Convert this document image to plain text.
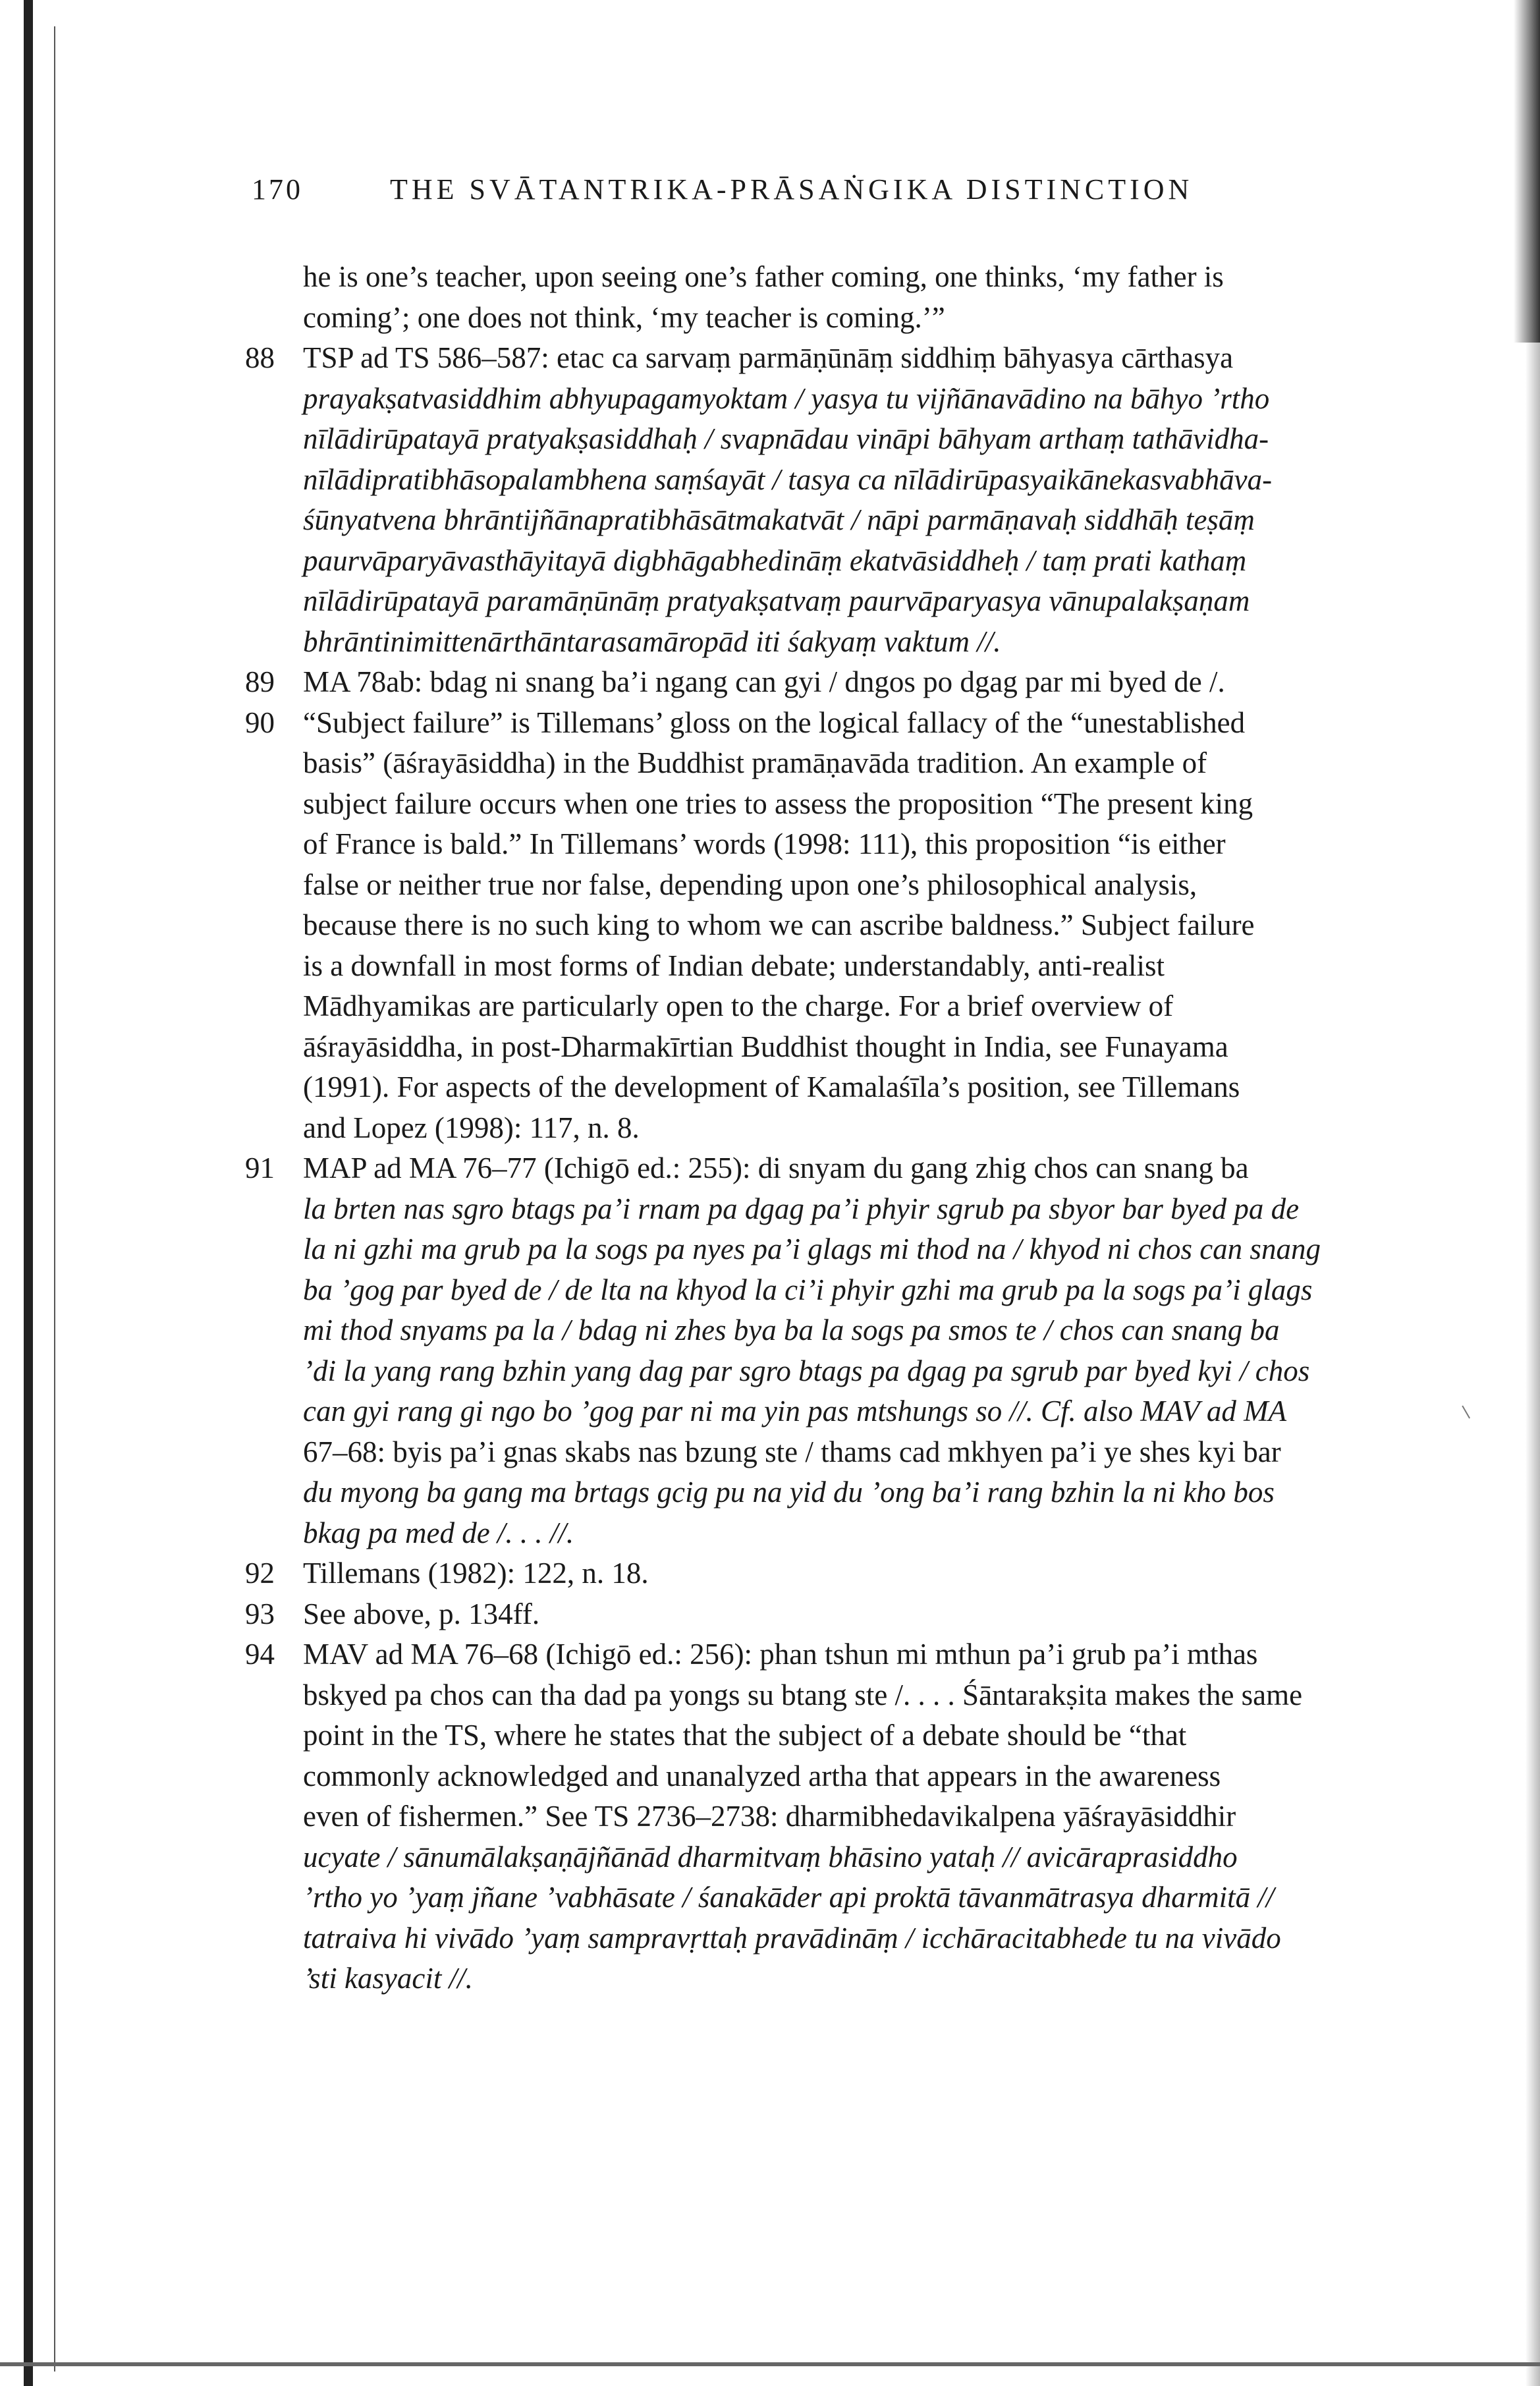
170	THE SVĀTANTRIKA-PRĀSAṄGIKA DISTINCTION
he is one’s teacher, upon seeing one’s father coming, one thinks, ‘my father is
coming’; one does not think, ‘my teacher is coming.’”
88 TSP ad TS 586–587: etac ca sarvaṃ parmāṇūnāṃ siddhiṃ bāhyasya cārthasya
prayakṣatvasiddhim abhyupagamyoktam / yasya tu vijñānavādino na bāhyo ’rtho
nīlādirūpatayā pratyakṣasiddhaḥ / svapnādau vināpi bāhyam arthaṃ tathāvidha-
nīlādipratibhāsopalambhena saṃśayāt / tasya ca nīlādirūpasyaikānekasvabhāva-
śūnyatvena bhrāntijñānapratibhāsātmakatvāt / nāpi parmāṇavaḥ siddhāḥ teṣāṃ
paurvāparyāvasthāyitayā digbhāgabhedināṃ ekatvāsiddheḥ / taṃ prati kathaṃ
nīlādirūpatayā paramāṇūnāṃ pratyakṣatvaṃ paurvāparyasya vānupalakṣaṇam
bhrāntinimittenārthāntarasamāropād iti śakyaṃ vaktum //.
89 MA 78ab: bdag ni snang ba’i ngang can gyi / dngos po dgag par mi byed de /.
90 “Subject failure” is Tillemans’ gloss on the logical fallacy of the “unestablished
basis” (āśrayāsiddha) in the Buddhist pramāṇavāda tradition. An example of
subject failure occurs when one tries to assess the proposition “The present king
of France is bald.” In Tillemans’ words (1998: 111), this proposition “is either
false or neither true nor false, depending upon one’s philosophical analysis,
because there is no such king to whom we can ascribe baldness.” Subject failure
is a downfall in most forms of Indian debate; understandably, anti-realist
Mādhyamikas are particularly open to the charge. For a brief overview of
āśrayāsiddha, in post-Dharmakīrtian Buddhist thought in India, see Funayama
(1991). For aspects of the development of Kamalaśīla’s position, see Tillemans
and Lopez (1998): 117, n. 8.
91 MAP ad MA 76–77 (Ichigō ed.: 255): di snyam du gang zhig chos can snang ba
la brten nas sgro btags pa’i rnam pa dgag pa’i phyir sgrub pa sbyor bar byed pa de
la ni gzhi ma grub pa la sogs pa nyes pa’i glags mi thod na / khyod ni chos can snang
ba ’gog par byed de / de lta na khyod la ci’i phyir gzhi ma grub pa la sogs pa’i glags
mi thod snyams pa la / bdag ni zhes bya ba la sogs pa smos te / chos can snang ba
’di la yang rang bzhin yang dag par sgro btags pa dgag pa sgrub par byed kyi / chos
can gyi rang gi ngo bo ’gog par ni ma yin pas mtshungs so //. Cf. also MAV ad MA
67–68: byis pa’i gnas skabs nas bzung ste / thams cad mkhyen pa’i ye shes kyi bar
du myong ba gang ma brtags gcig pu na yid du ’ong ba’i rang bzhin la ni kho bos
bkag pa med de /. . . //.
92 Tillemans (1982): 122, n. 18.
93 See above, p. 134ff.
94 MAV ad MA 76–68 (Ichigō ed.: 256): phan tshun mi mthun pa’i grub pa’i mthas
bskyed pa chos can tha dad pa yongs su btang ste /. . . . Śāntarakṣita makes the same
point in the TS, where he states that the subject of a debate should be “that
commonly acknowledged and unanalyzed artha that appears in the awareness
even of fishermen.” See TS 2736–2738: dharmibhedavikalpena yāśrayāsiddhir
ucyate / sānumālakṣaṇājñānād dharmitvaṃ bhāsino yataḥ // avicāraprasiddho
’rtho yo ’yaṃ jñane ’vabhāsate / śanakāder api proktā tāvanmātrasya dharmitā //
tatraiva hi vivādo ’yaṃ sampravṛttaḥ pravādināṃ / icchāracitabhede tu na vivādo
’sti kasyacit //.
